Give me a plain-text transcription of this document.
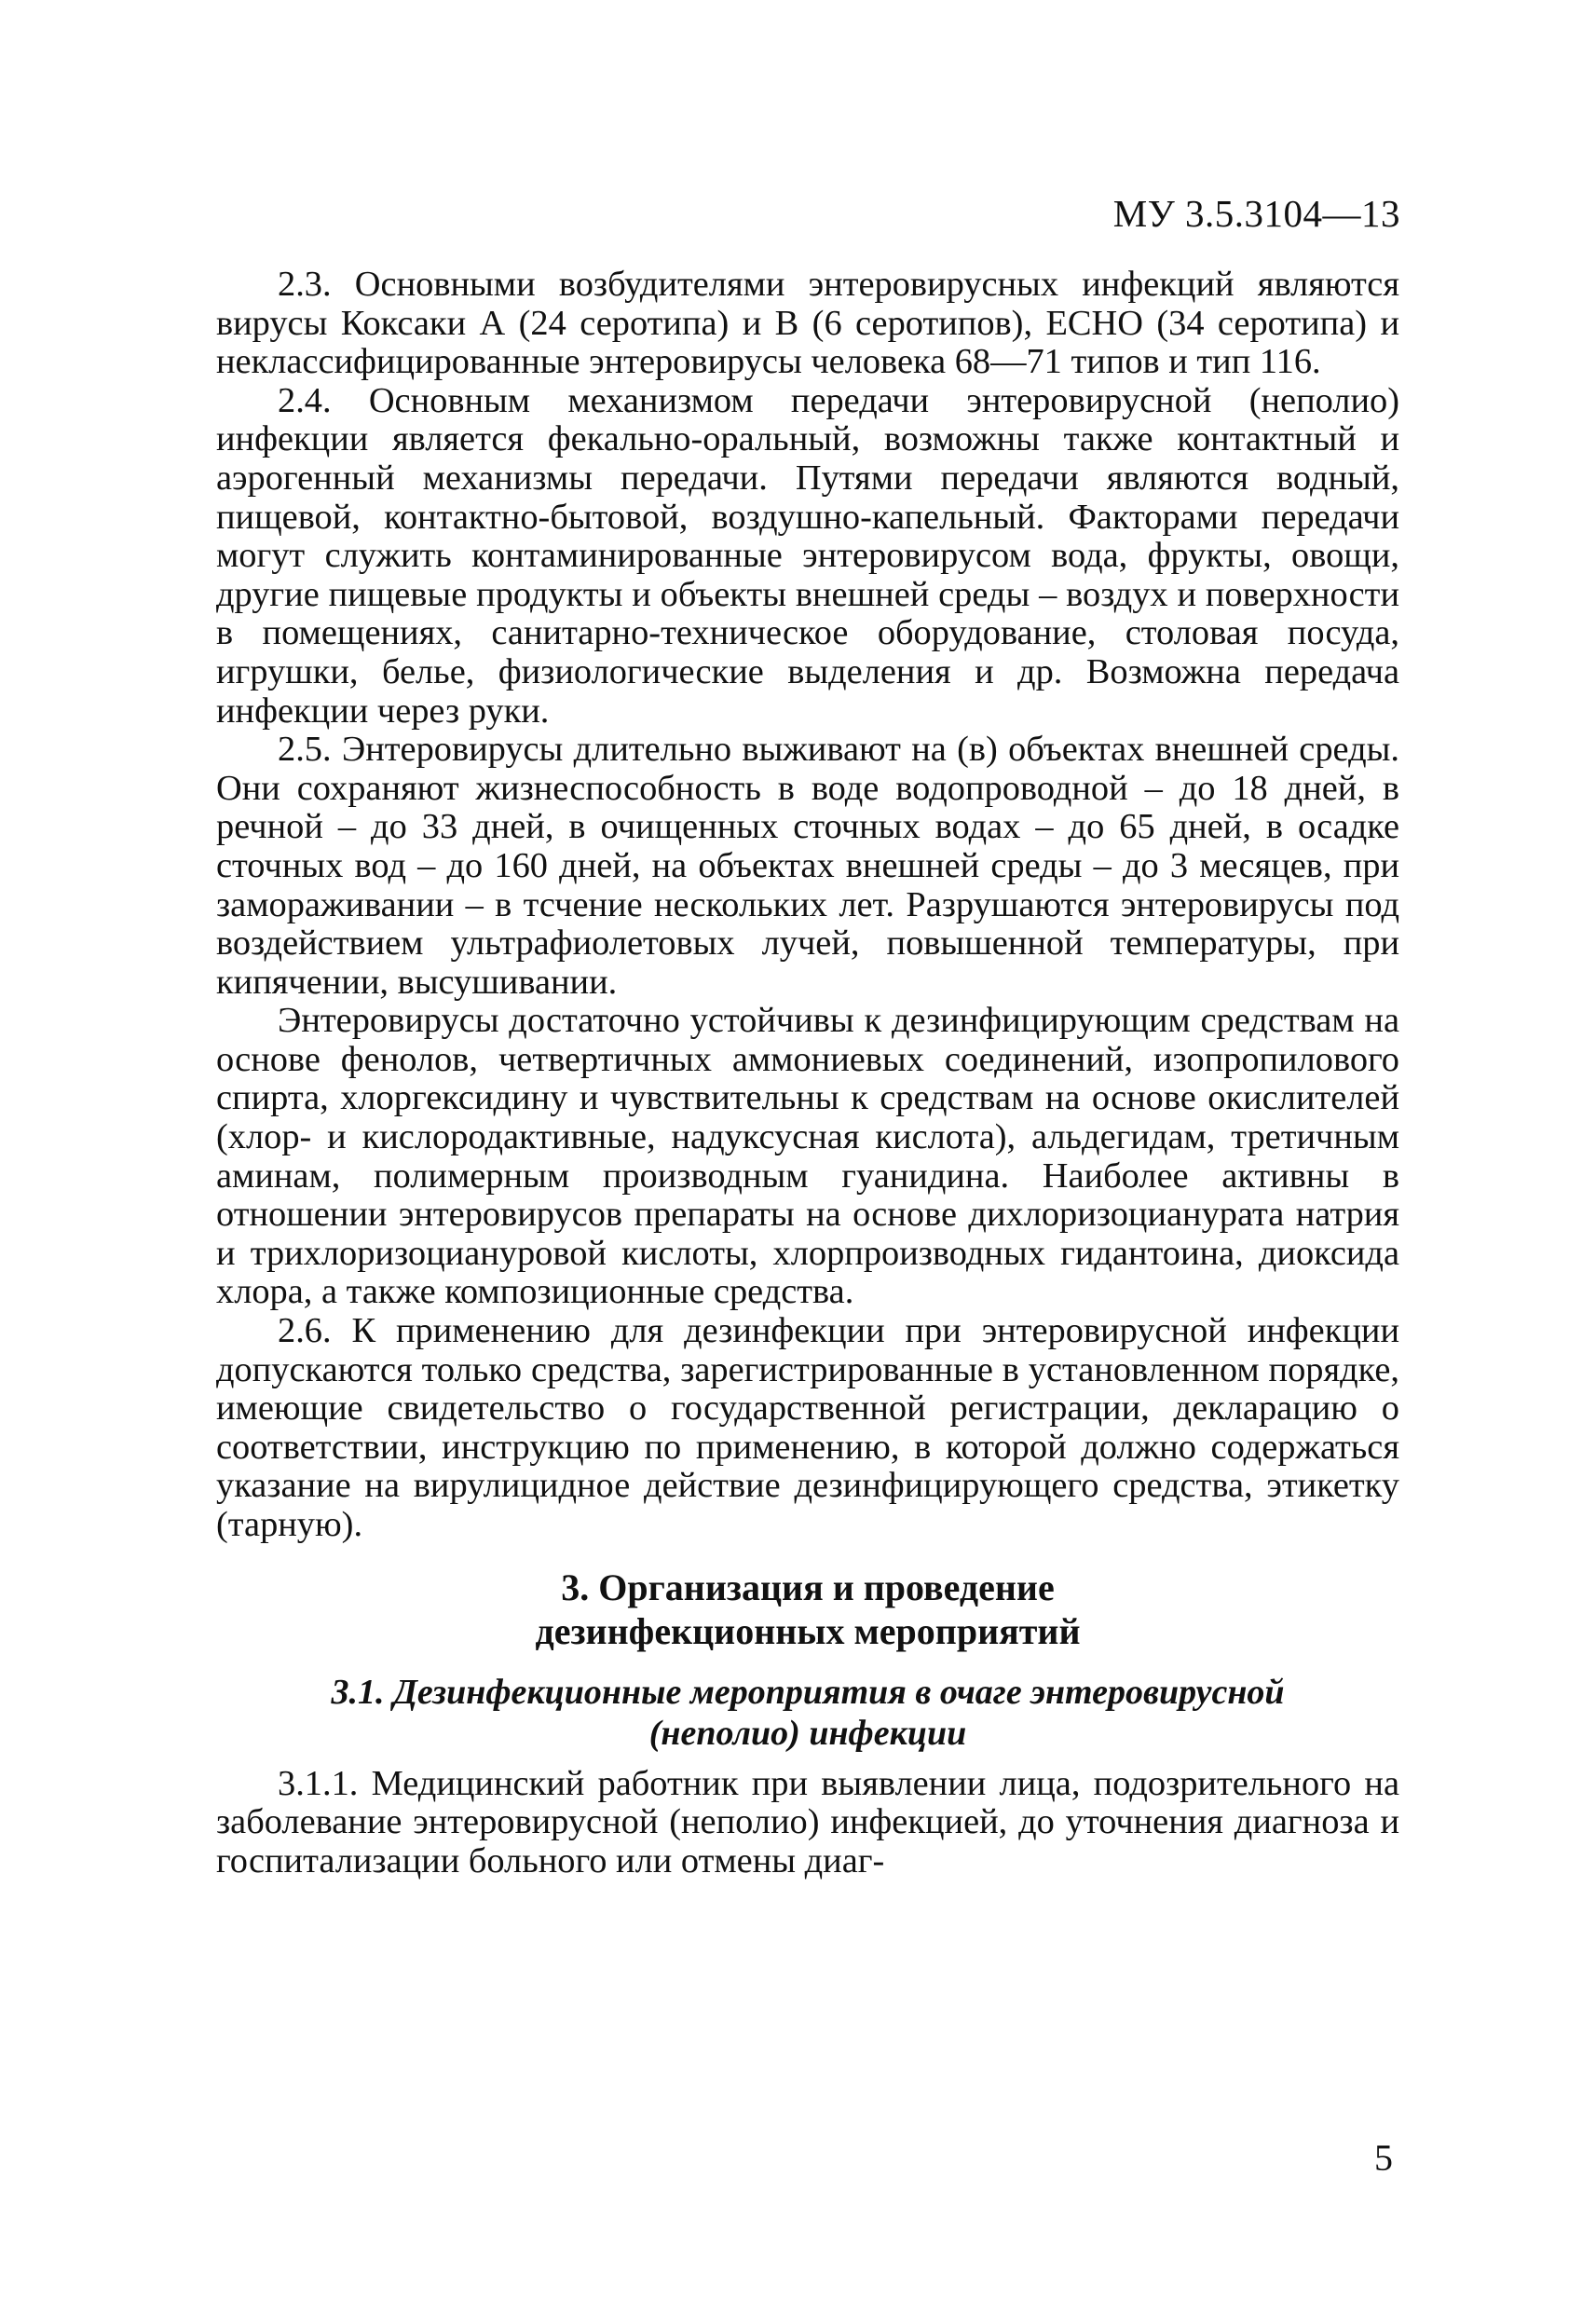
МУ 3.5.3104—13

2.3. Основными возбудителями энтеровирусных инфекций являются вирусы Коксаки А (24 серотипа) и В (6 серотипов), ЕСНО (34 серотипа) и неклассифицированные энтеровирусы человека 68—71 типов и тип 116.

2.4. Основным механизмом передачи энтеровирусной (неполио) инфекции является фекально-оральный, возможны также контактный и аэрогенный механизмы передачи. Путями передачи являются водный, пищевой, контактно-бытовой, воздушно-капельный. Факторами передачи могут служить контаминированные энтеровирусом вода, фрукты, овощи, другие пищевые продукты и объекты внешней среды – воздух и поверхности в помещениях, санитарно-техническое оборудование, столовая посуда, игрушки, белье, физиологические выделения и др. Возможна передача инфекции через руки.

2.5. Энтеровирусы длительно выживают на (в) объектах внешней среды. Они сохраняют жизнеспособность в воде водопроводной – до 18 дней, в речной – до 33 дней, в очищенных сточных водах – до 65 дней, в осадке сточных вод – до 160 дней, на объектах внешней среды – до 3 месяцев, при замораживании – в тсчение нескольких лет. Разрушаются энтеровирусы под воздействием ультрафиолетовых лучей, повышенной температуры, при кипячении, высушивании.

Энтеровирусы достаточно устойчивы к дезинфицирующим средствам на основе фенолов, четвертичных аммониевых соединений, изопропилового спирта, хлоргексидину и чувствительны к средствам на основе окислителей (хлор- и кислородактивные, надуксусная кислота), альдегидам, третичным аминам, полимерным производным гуанидина. Наиболее активны в отношении энтеровирусов препараты на основе дихлоризоцианурата натрия и трихлоризоциануровой кислоты, хлорпроизводных гидантоина, диоксида хлора, а также композиционные средства.

2.6. К применению для дезинфекции при энтеровирусной инфекции допускаются только средства, зарегистрированные в установленном порядке, имеющие свидетельство о государственной регистрации, декларацию о соответствии, инструкцию по применению, в которой должно содержаться указание на вирулицидное действие дезинфицирующего средства, этикетку (тарную).

3. Организация и проведение
дезинфекционных мероприятий

3.1. Дезинфекционные мероприятия в очаге энтеровирусной
(неполио) инфекции

3.1.1. Медицинский работник при выявлении лица, подозрительного на заболевание энтеровирусной (неполио) инфекцией, до уточнения диагноза и госпитализации больного или отмены диаг-

5
